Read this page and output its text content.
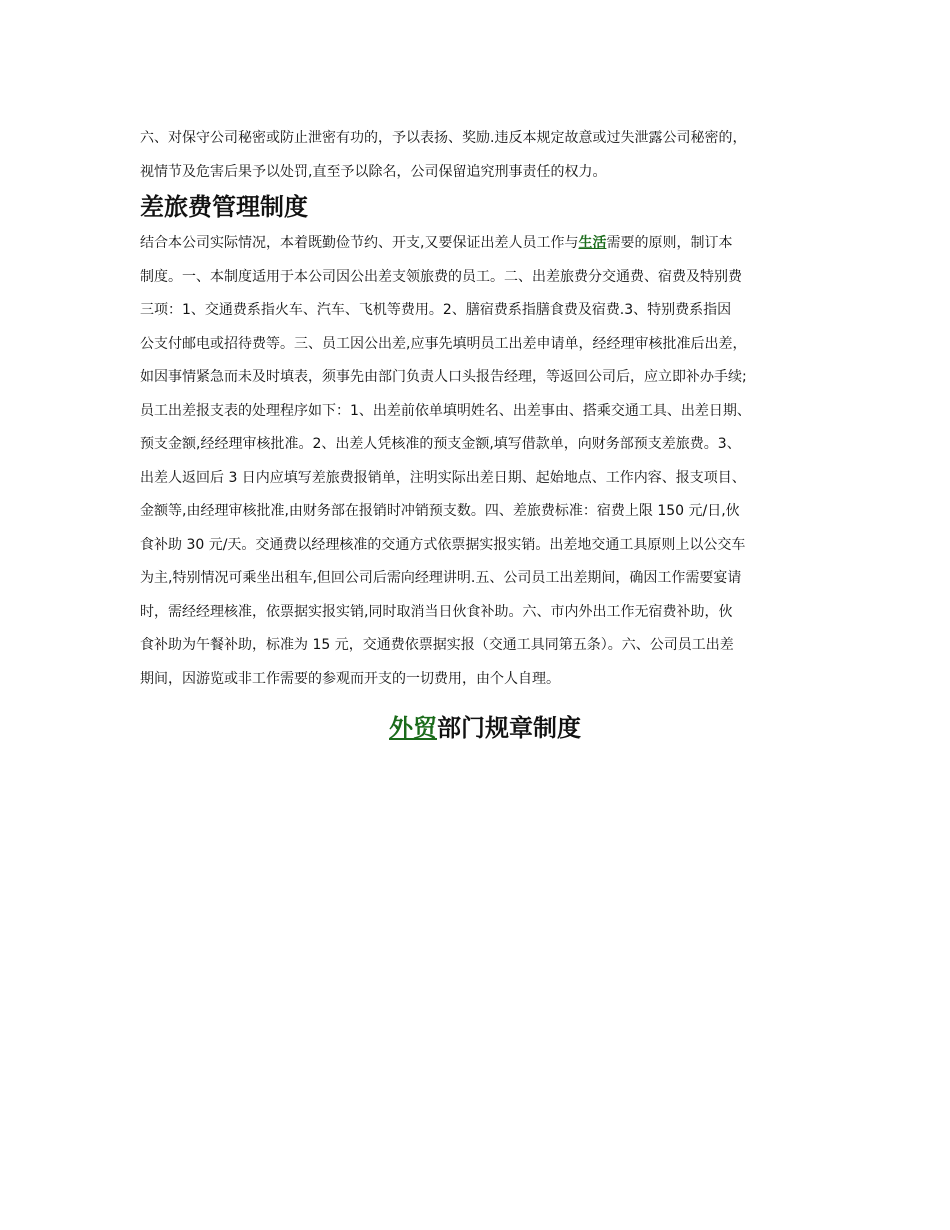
六、对保守公司秘密或防止泄密有功的，予以表扬、奖励.违反本规定故意或过失泄露公司秘密的，
视情节及危害后果予以处罚,直至予以除名，公司保留追究刑事责任的权力。

差旅费管理制度

结合本公司实际情况，本着既勤俭节约、开支,又要保证出差人员工作与生活需要的原则，制订本
制度。一、本制度适用于本公司因公出差支领旅费的员工。二、出差旅费分交通费、宿费及特别费
三项：1、交通费系指火车、汽车、飞机等费用。2、膳宿费系指膳食费及宿费.3、特别费系指因
公支付邮电或招待费等。三、员工因公出差,应事先填明员工出差申请单，经经理审核批准后出差，
如因事情紧急而未及时填表，须事先由部门负责人口头报告经理，等返回公司后，应立即补办手续;
员工出差报支表的处理程序如下：1、出差前依单填明姓名、出差事由、搭乘交通工具、出差日期、
预支金额,经经理审核批准。2、出差人凭核准的预支金额,填写借款单，向财务部预支差旅费。3、
出差人返回后 3 日内应填写差旅费报销单，注明实际出差日期、起始地点、工作内容、报支项目、
金额等,由经理审核批准,由财务部在报销时冲销预支数。四、差旅费标准：宿费上限 150 元/日,伙
食补助 30 元/天。交通费以经理核准的交通方式依票据实报实销。出差地交通工具原则上以公交车
为主,特别情况可乘坐出租车,但回公司后需向经理讲明.五、公司员工出差期间，确因工作需要宴请
时，需经经理核准，依票据实报实销,同时取消当日伙食补助。六、市内外出工作无宿费补助，伙
食补助为午餐补助，标准为 15 元，交通费依票据实报（交通工具同第五条）。六、公司员工出差
期间，因游览或非工作需要的参观而开支的一切费用，由个人自理。

外贸部门规章制度
